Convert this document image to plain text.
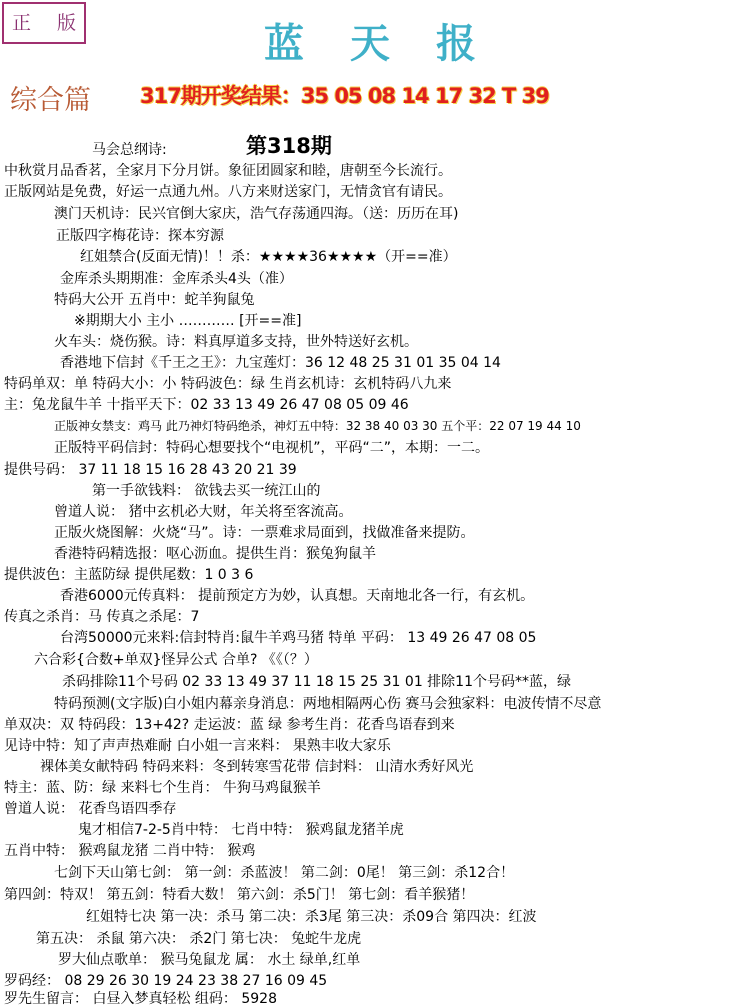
正 版	蓝天报
综合篇 317期开奖结果：35 05 08 14 17 32 T 39
第318期
马会总纲诗:
中秋赏月品香茗，全家月下分月饼。象征团圆家和睦，唐朝至今长流行。
正版网站是免费，好运一点通九州。八方来财送家门，无情贪官有请民。
澳门天机诗：民兴官倒大家庆，浩气存荡通四海。（送：历历在耳)
正版四字梅花诗：探本穷源
红姐禁合(反面无情)！！杀：★★★★36★★★★（开==准）
金库杀头期期准：金库杀头4头（准）
特码大公开 五肖中：蛇羊狗鼠兔
※期期大小 主小 ………… [开==准]
火车头：烧伤猴。诗：料真厚道多支持，世外特送好玄机。
香港地下信封《千王之王》：九宝莲灯：36 12 48 25 31 01 35 04 14
特码单双：单 特码大小：小 特码波色：绿 生肖玄机诗：玄机特码八九来
主：兔龙鼠牛羊 十指平天下：02 33 13 49 26 47 08 05 09 46
正版神女禁支：鸡马 此乃神灯特码绝杀，神灯五中特：32 38 40 03 30 五个平：22 07 19 44 10
正版特平码信封：特码心想要找个“电视机”，平码“二”，本期：一二。
提供号码： 37 11 18 15 16 28 43 20 21 39
第一手欲钱料： 欲钱去买一统江山的
曾道人说： 猪中玄机必大财，年关将至客流高。
正版火烧图解：火烧“马”。诗：一票难求局面到，找做准备来提防。
香港特码精选报：呕心沥血。提供生肖：猴兔狗鼠羊
提供波色：主蓝防绿 提供尾数：1 0 3 6
香港6000元传真料： 提前预定方为妙，认真想。天南地北各一行，有玄机。
传真之杀肖：马 传真之杀尾：7
台湾50000元来料:信封特肖:鼠牛羊鸡马猪 特单 平码： 13 49 26 47 08 05
六合彩{合数+单双}怪异公式 合单? 《《（？）
杀码排除11个号码 02 33 13 49 37 11 18 15 25 31 01 排除11个号码**蓝，绿
特码预测(文字版)白小姐内幕亲身消息：两地相隔两心伤 赛马会独家料：电波传情不尽意
单双决：双 特码段：13+42? 走运波：蓝 绿 参考生肖：花香鸟语春到来
见诗中特：知了声声热难耐 白小姐一言来料： 果熟丰收大家乐
裸体美女献特码 特码来料：冬到转寒雪花带 信封料： 山清水秀好风光
特主：蓝、防：绿 来料七个生肖： 牛狗马鸡鼠猴羊
曾道人说： 花香鸟语四季存
鬼才相信7-2-5肖中特： 七肖中特： 猴鸡鼠龙猪羊虎
五肖中特： 猴鸡鼠龙猪 二肖中特： 猴鸡
七剑下天山第七剑： 第一剑：杀蓝波！ 第二剑：0尾！ 第三剑：杀12合！
第四剑：特双！ 第五剑：特看大数！ 第六剑：杀5门！ 第七剑：看羊猴猪！
红姐特七决 第一决：杀马 第二决：杀3尾 第三决：杀09合 第四决：红波
第五决： 杀鼠 第六决： 杀2门 第七决： 兔蛇牛龙虎
罗大仙点歌单： 猴马兔鼠龙 属： 水土 绿单,红单
罗码经： 08 29 26 30 19 24 23 38 27 16 09 45
罗先生留言： 白昼入梦真轻松 组码： 5928
